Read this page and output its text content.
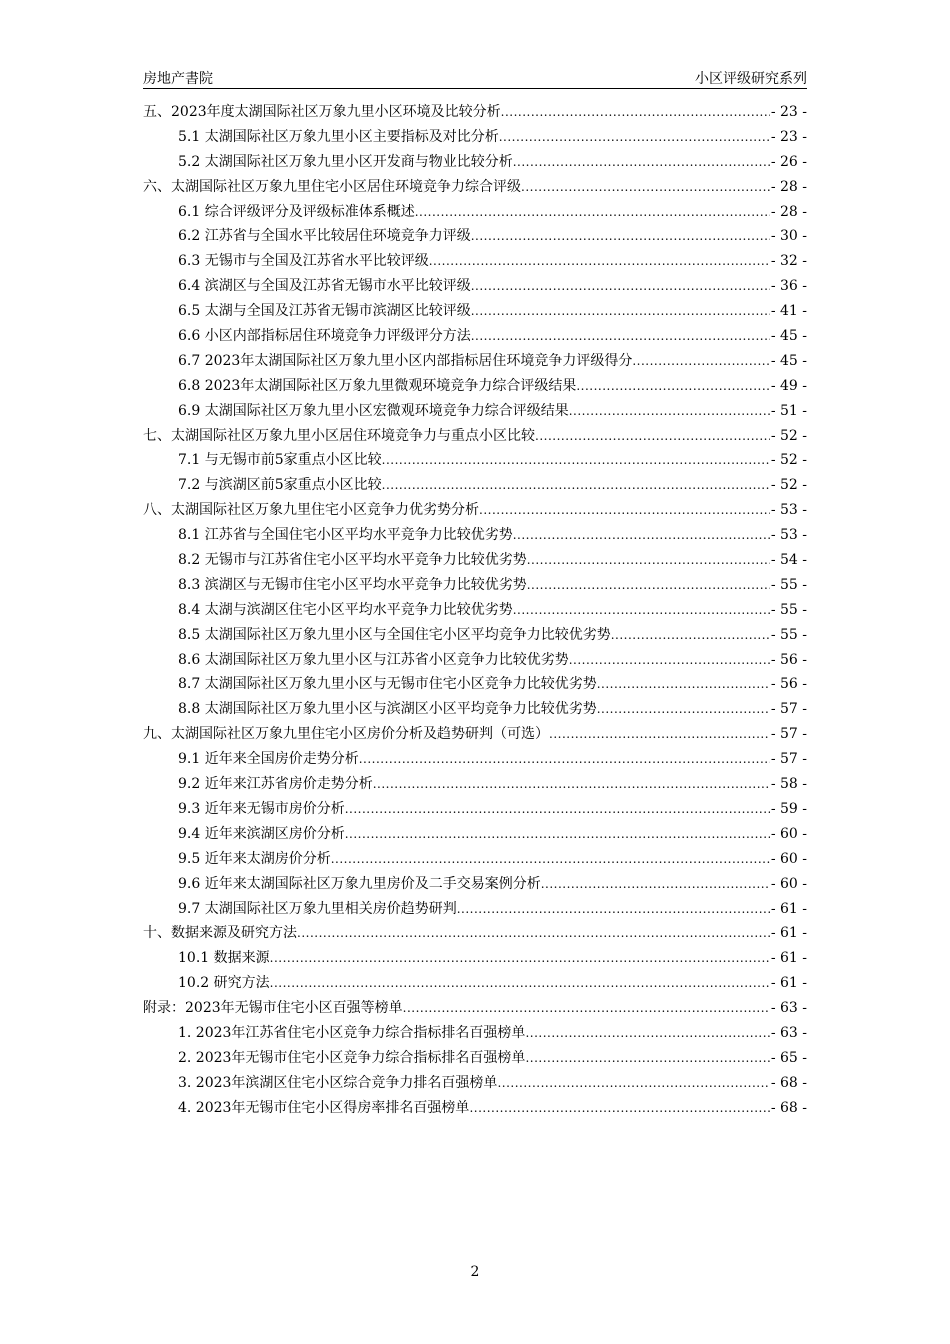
房地产書院	小区评级研究系列
五、2023年度太湖国际社区万象九里小区环境及比较分析 .....	- 23 -
5.1 太湖国际社区万象九里小区主要指标及对比分析 .....	- 23 -
5.2 太湖国际社区万象九里小区开发商与物业比较分析 .....	- 26 -
六、太湖国际社区万象九里住宅小区居住环境竞争力综合评级 .....	- 28 -
6.1 综合评级评分及评级标准体系概述 .....	- 28 -
6.2 江苏省与全国水平比较居住环境竞争力评级 .....	- 30 -
6.3 无锡市与全国及江苏省水平比较评级 .....	- 32 -
6.4 滨湖区与全国及江苏省无锡市水平比较评级 .....	- 36 -
6.5 太湖与全国及江苏省无锡市滨湖区比较评级 .....	- 41 -
6.6 小区内部指标居住环境竞争力评级评分方法 .....	- 45 -
6.7 2023年太湖国际社区万象九里小区内部指标居住环境竞争力评级得分 .....	- 45 -
6.8 2023年太湖国际社区万象九里微观环境竞争力综合评级结果 .....	- 49 -
6.9 太湖国际社区万象九里小区宏微观环境竞争力综合评级结果 .....	- 51 -
七、太湖国际社区万象九里小区居住环境竞争力与重点小区比较 .....	- 52 -
7.1 与无锡市前5家重点小区比较 .....	- 52 -
7.2 与滨湖区前5家重点小区比较 .....	- 52 -
八、太湖国际社区万象九里住宅小区竞争力优劣势分析 .....	- 53 -
8.1 江苏省与全国住宅小区平均水平竞争力比较优劣势 .....	- 53 -
8.2 无锡市与江苏省住宅小区平均水平竞争力比较优劣势 .....	- 54 -
8.3 滨湖区与无锡市住宅小区平均水平竞争力比较优劣势 .....	- 55 -
8.4 太湖与滨湖区住宅小区平均水平竞争力比较优劣势 .....	- 55 -
8.5 太湖国际社区万象九里小区与全国住宅小区平均竞争力比较优劣势 .....	- 55 -
8.6 太湖国际社区万象九里小区与江苏省小区竞争力比较优劣势 .....	- 56 -
8.7 太湖国际社区万象九里小区与无锡市住宅小区竞争力比较优劣势 .....	- 56 -
8.8 太湖国际社区万象九里小区与滨湖区小区平均竞争力比较优劣势 .....	- 57 -
九、太湖国际社区万象九里住宅小区房价分析及趋势研判（可选） .....	- 57 -
9.1 近年来全国房价走势分析 .....	- 57 -
9.2 近年来江苏省房价走势分析 .....	- 58 -
9.3 近年来无锡市房价分析 .....	- 59 -
9.4 近年来滨湖区房价分析 .....	- 60 -
9.5 近年来太湖房价分析 .....	- 60 -
9.6 近年来太湖国际社区万象九里房价及二手交易案例分析 .....	- 60 -
9.7 太湖国际社区万象九里相关房价趋势研判 .....	- 61 -
十、数据来源及研究方法 .....	- 61 -
10.1 数据来源 .....	- 61 -
10.2 研究方法 .....	- 61 -
附录：2023年无锡市住宅小区百强等榜单 .....	- 63 -
1. 2023年江苏省住宅小区竞争力综合指标排名百强榜单 .....	- 63 -
2. 2023年无锡市住宅小区竞争力综合指标排名百强榜单 .....	- 65 -
3. 2023年滨湖区住宅小区综合竞争力排名百强榜单 .....	- 68 -
4. 2023年无锡市住宅小区得房率排名百强榜单 .....	- 68 -
2
